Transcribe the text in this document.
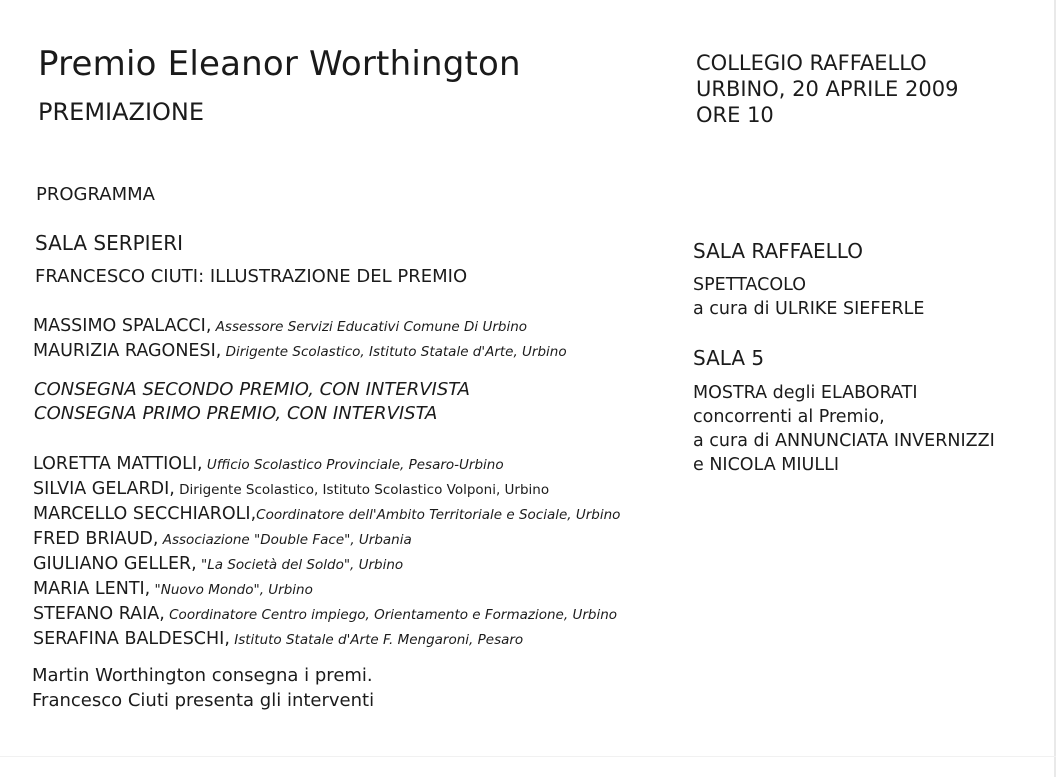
Premio Eleanor Worthington
PREMIAZIONE
COLLEGIO RAFFAELLO
URBINO, 20 APRILE 2009
ORE 10
PROGRAMMA
SALA SERPIERI
FRANCESCO CIUTI: ILLUSTRAZIONE DEL PREMIO
MASSIMO SPALACCI, Assessore Servizi Educativi Comune Di Urbino
MAURIZIA RAGONESI, Dirigente Scolastico, Istituto Statale d'Arte, Urbino
CONSEGNA SECONDO PREMIO, CON INTERVISTA
CONSEGNA PRIMO PREMIO, CON INTERVISTA
LORETTA MATTIOLI, Ufficio Scolastico Provinciale, Pesaro-Urbino
SILVIA GELARDI, Dirigente Scolastico, Istituto Scolastico Volponi, Urbino
MARCELLO SECCHIAROLI,Coordinatore dell'Ambito Territoriale e Sociale, Urbino
FRED BRIAUD, Associazione "Double Face", Urbania
GIULIANO GELLER, "La Società del Soldo", Urbino
MARIA LENTI, "Nuovo Mondo", Urbino
STEFANO RAIA, Coordinatore Centro impiego, Orientamento e Formazione, Urbino
SERAFINA BALDESCHI, Istituto Statale d'Arte F. Mengaroni, Pesaro
Martin Worthington consegna i premi.
Francesco Ciuti presenta gli interventi
SALA RAFFAELLO
SPETTACOLO
a cura di ULRIKE SIEFERLE
SALA 5
MOSTRA degli ELABORATI
concorrenti al Premio,
a cura di ANNUNCIATA INVERNIZZI
e NICOLA MIULLI
